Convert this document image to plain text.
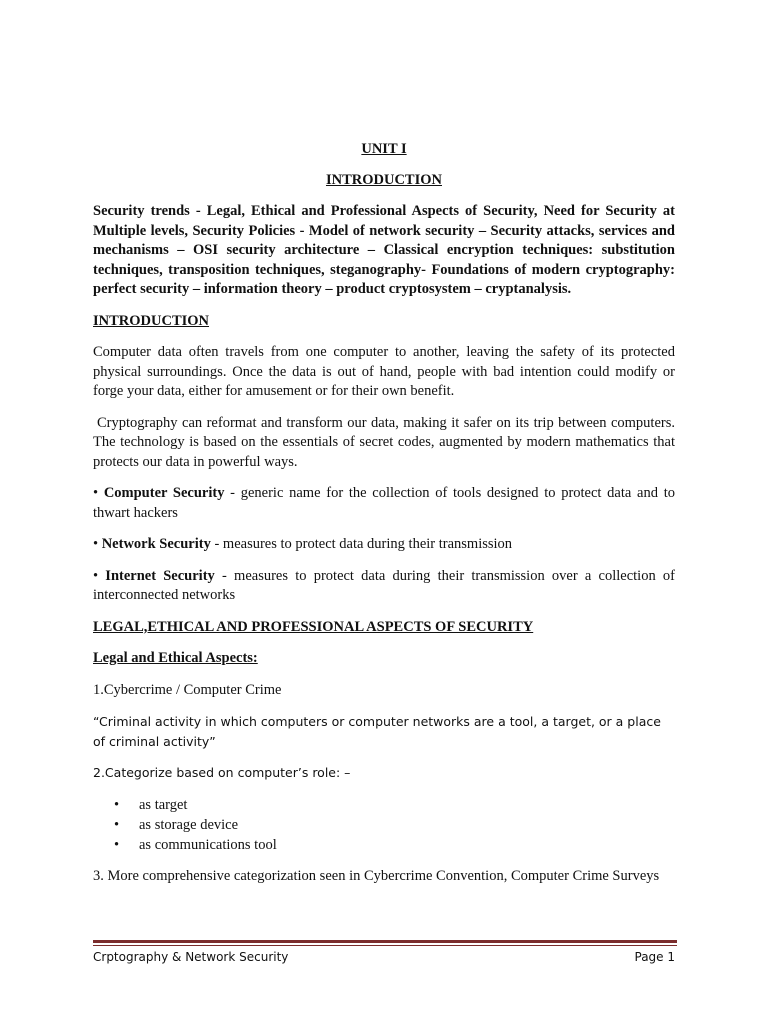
UNIT I
INTRODUCTION

Security trends - Legal, Ethical and Professional Aspects of Security, Need for Security at Multiple levels, Security Policies - Model of network security – Security attacks, services and mechanisms – OSI security architecture – Classical encryption techniques: substitution techniques, transposition techniques, steganography- Foundations of modern cryptography: perfect security – information theory – product cryptosystem – cryptanalysis.

INTRODUCTION

Computer data often travels from one computer to another, leaving the safety of its protected physical surroundings. Once the data is out of hand, people with bad intention could modify or forge your data, either for amusement or for their own benefit.

Cryptography can reformat and transform our data, making it safer on its trip between computers. The technology is based on the essentials of secret codes, augmented by modern mathematics that protects our data in powerful ways.

• Computer Security - generic name for the collection of tools designed to protect data and to thwart hackers

• Network Security - measures to protect data during their transmission

• Internet Security - measures to protect data during their transmission over a collection of interconnected networks

LEGAL,ETHICAL AND PROFESSIONAL ASPECTS OF SECURITY

Legal and Ethical Aspects:

1.Cybercrime / Computer Crime

“Criminal activity in which computers or computer networks are a tool, a target, or a place of criminal activity”

2.Categorize based on computer’s role: –

• as target
• as storage device
• as communications tool

3. More comprehensive categorization seen in Cybercrime Convention, Computer Crime Surveys

Crptography & Network Security	Page 1
